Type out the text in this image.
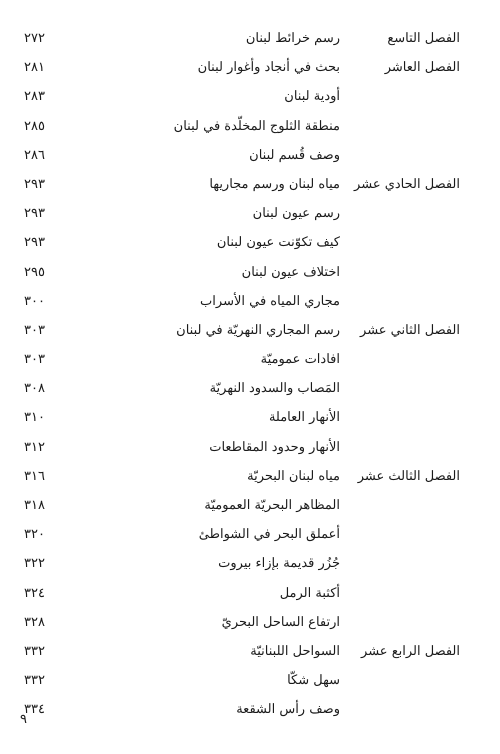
الفصل التاسع
رسم خرائط لبنان
٢٧٢
الفصل العاشر
بحث في أنجاد وأغوار لبنان
٢٨١
أودية لبنان
٢٨٣
منطقة الثلوج المخلّدة في لبنان
٢٨٥
وصف قُسم لبنان
٢٨٦
الفصل الحادي عشر
مياه لبنان ورسم مجاريها
٢٩٣
رسم عيون لبنان
٢٩٣
كيف تكوّنت عيون لبنان
٢٩٣
اختلاف عيون لبنان
٢٩٥
مجاري المياه في الأسراب
٣٠٠
الفصل الثاني عشر
رسم المجاري النهريّة في لبنان
٣٠٣
افادات عموميّة
٣٠٣
المَصاب والسدود النهريّة
٣٠٨
الأنهار العاملة
٣١٠
الأنهار وحدود المقاطعات
٣١٢
الفصل الثالث عشر
مياه لبنان البحريّة
٣١٦
المظاهر البحريّة العموميّة
٣١٨
أعملق البحر في الشواطئ
٣٢٠
جُزُر قديمة بإزاء بيروت
٣٢٢
أكثبة الرمل
٣٢٤
ارتفاع الساحل البحريّ
٣٢٨
الفصل الرابع عشر
السواحل اللبنانيّة
٣٣٢
سهل شكّا
٣٣٢
وصف رأس الشقعة
٣٣٤
٩
